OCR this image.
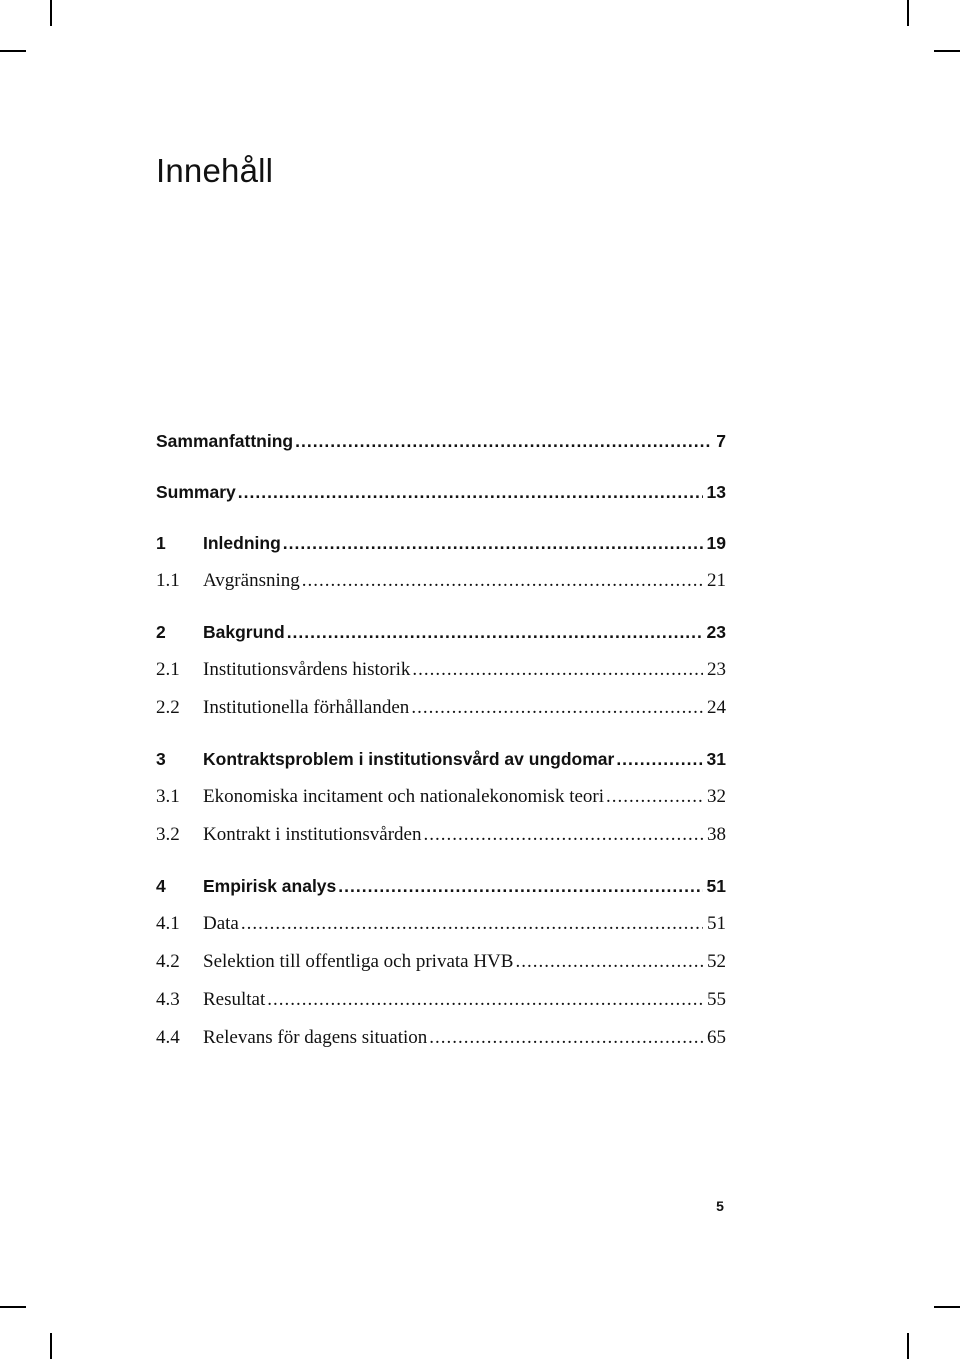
Innehåll
Sammanfattning .....	7
Summary .....	13
1	Inledning .....	19
1.1	Avgränsning .....	21
2	Bakgrund .....	23
2.1	Institutionsvårdens historik .....	23
2.2	Institutionella förhållanden .....	24
3	Kontraktsproblem i institutionsvård av ungdomar .....	31
3.1	Ekonomiska incitament och nationalekonomisk teori .....	32
3.2	Kontrakt i institutionsvården .....	38
4	Empirisk analys .....	51
4.1	Data .....	51
4.2	Selektion till offentliga och privata HVB .....	52
4.3	Resultat .....	55
4.4	Relevans för dagens situation .....	65
5
